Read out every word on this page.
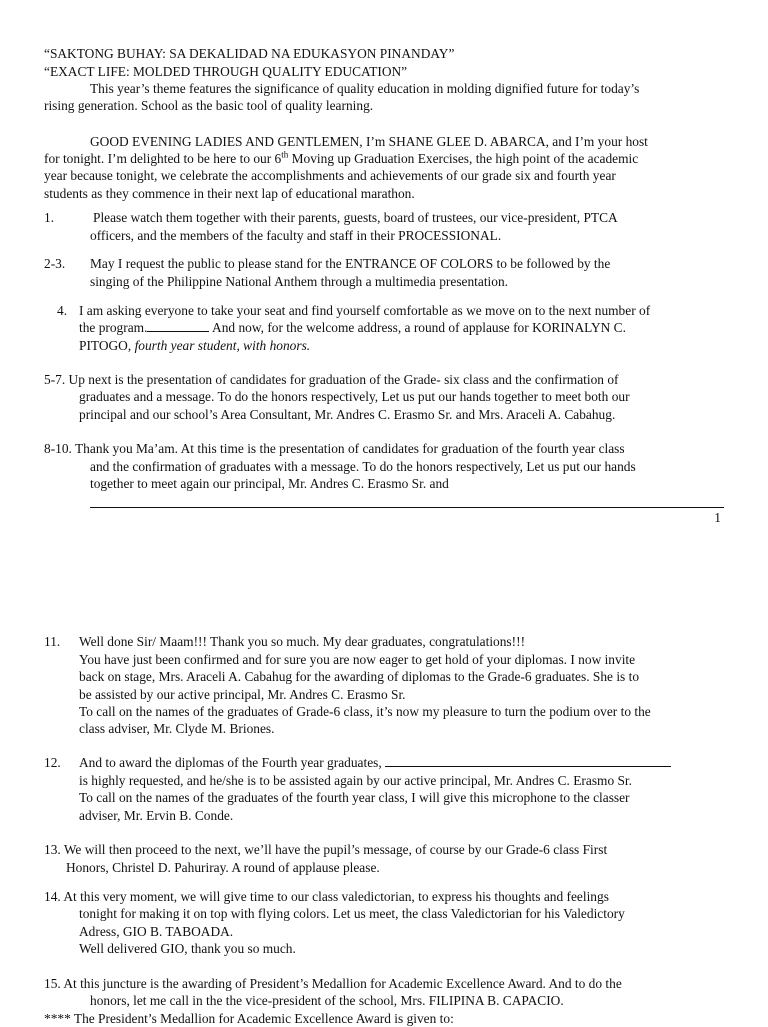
“SAKTONG BUHAY: SA DEKALIDAD NA EDUKASYON PINANDAY”
“EXACT LIFE: MOLDED THROUGH QUALITY EDUCATION”
This year’s theme features the significance of quality education in molding dignified future for today’s
rising generation. School as the basic tool of quality learning.
GOOD EVENING LADIES AND GENTLEMEN, I’m SHANE GLEE D. ABARCA, and I’m your host
for tonight. I’m delighted to be here to our 6th Moving up Graduation Exercises, the high point of the academic
year because tonight, we celebrate the accomplishments and achievements of our grade six and fourth year
students as they commence in their next lap of educational marathon.
1.	Please watch them together with their parents, guests, board of trustees, our vice-president, PTCA
officers, and the members of the faculty and staff in their PROCESSIONAL.
2-3. May I request the public to please stand for the ENTRANCE OF COLORS to be followed by the
singing of the Philippine National Anthem through a multimedia presentation.
4. I am asking everyone to take your seat and find yourself comfortable as we move on to the next number of
the program.	And now, for the welcome address, a round of applause for KORINALYN C.
PITOGO, fourth year student, with honors.
5-7. Up next is the presentation of candidates for graduation of the Grade- six class and the confirmation of
graduates and a message. To do the honors respectively, Let us put our hands together to meet both our
principal and our school’s Area Consultant, Mr. Andres C. Erasmo Sr. and Mrs. Araceli A. Cabahug.
8-10. Thank you Ma’am. At this time is the presentation of candidates for graduation of the fourth year class
and the confirmation of graduates with a message. To do the honors respectively, Let us put our hands
together to meet again our principal, Mr. Andres C. Erasmo Sr. and
1
11. Well done Sir/ Maam!!! Thank you so much. My dear graduates, congratulations!!!
You have just been confirmed and for sure you are now eager to get hold of your diplomas. I now invite
back on stage, Mrs. Araceli A. Cabahug for the awarding of diplomas to the Grade-6 graduates. She is to
be assisted by our active principal, Mr. Andres C. Erasmo Sr.
To call on the names of the graduates of Grade-6 class, it’s now my pleasure to turn the podium over to the
class adviser, Mr. Clyde M. Briones.
12. And to award the diplomas of the Fourth year graduates,
is highly requested, and he/she is to be assisted again by our active principal, Mr. Andres C. Erasmo Sr.
To call on the names of the graduates of the fourth year class, I will give this microphone to the classer
adviser, Mr. Ervin B. Conde.
13. We will then proceed to the next, we’ll have the pupil’s message, of course by our Grade-6 class First
Honors, Christel D. Pahuriray. A round of applause please.
14. At this very moment, we will give time to our class valedictorian, to express his thoughts and feelings
tonight for making it on top with flying colors. Let us meet, the class Valedictorian for his Valedictory
Adress, GIO B. TABOADA.
Well delivered GIO, thank you so much.
15. At this juncture is the awarding of President’s Medallion for Academic Excellence Award. And to do the
honors, let me call in the the vice-president of the school, Mrs. FILIPINA B. CAPACIO.
**** The President’s Medallion for Academic Excellence Award is given to:
